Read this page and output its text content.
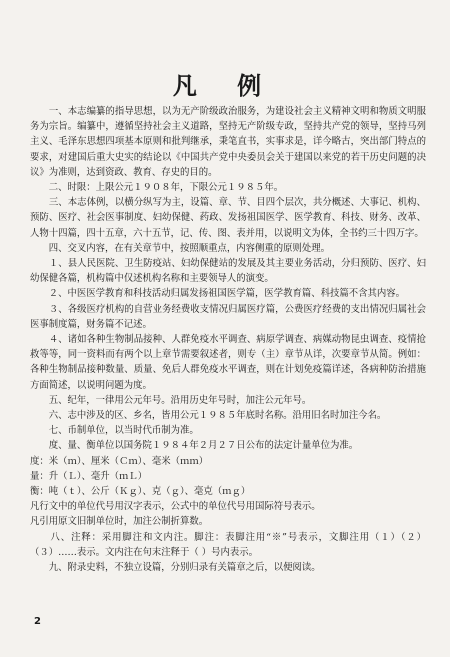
凡 例
　　一、本志编纂的指导思想，以为无产阶级政治服务，为建设社会主义精神文明和物质文明服务为宗旨。编纂中，遵循坚持社会主义道路，坚持无产阶级专政，坚持共产党的领导，坚持马列主义、毛泽东思想四项基本原则和批判继承，秉笔直书，实事求是，详今略古，突出部门特点的要求，对建国后重大史实的结论以《中国共产党中央委员会关于建国以来党的若干历史问题的决议》为准则，达到资政、教育、存史的目的。
　　二、时限：上限公元１９０８年，下限公元１９８５年。
　　三、本志体例，以横分纵写为主，设篇、章、节、目四个层次，共分概述、大事记、机构、预防、医疗、社会医事制度、妇幼保健、药政、发扬祖国医学、医学教育、科技、财务、改革、人物十四篇，四十五章，六十五节，记、传、图、表并用，以说明文为体，全书约三十四万字。
　　四、交叉内容，在有关章节中，按照顺重点，内容侧重的原则处理。
　　１、县人民医院、卫生防疫站、妇幼保健站的发展及其主要业务活动，分归预防、医疗、妇幼保健各篇，机构篇中仅述机构名称和主要领导人的演变。
　　２、中医医学教育和科技活动归属发扬祖国医学篇，医学教育篇、科技篇不含其内容。
　　３、各级医疗机构的自营业务经费收支情况归属医疗篇，公费医疗经费的支出情况归属社会医事制度篇，财务篇不记述。
　　４、诸如各种生物制品接种、人群免疫水平调查、病原学调查、病媒动物昆虫调查、疫情抢救等等，同一资料而有两个以上章节需要叙述者，则专（主）章节从详，次要章节从简。例如：各种生物制品接种数量、质量、免后人群免疫水平调查，则在计划免疫篇详述，各病种防治措施方面简述，以说明问题为度。
　　五、纪年，一律用公元年号。沿用历史年号时，加注公元年号。
　　六、志中涉及的区、乡名，皆用公元１９８５年底时名称。沿用旧名时加注今名。
　　七、币制单位，以当时代币制为准。
　　度、量、衡单位以国务院１９８４年２月２７日公布的法定计量单位为准。
度：米（ｍ）、厘米（Ｃｍ）、毫米（ｍｍ）
量：升（Ｌ）、毫升（ｍＬ）
衡：吨（ｔ）、公斤（Ｋｇ）、克（ｇ）、毫克（ｍｇ）
凡行文中的单位代号用汉字表示，公式中的单位代号用国际符号表示。
凡引用原文旧制单位时，加注公制折算数。
　　八、注释：采用脚注和文内注。脚注：表脚注用“※”号表示，文脚注用（１）（２）（３）……表示。文内注在句末注释于（ ）号内表示。
　　九、附录史料，不独立设篇，分别归录有关篇章之后，以便阅读。
2
